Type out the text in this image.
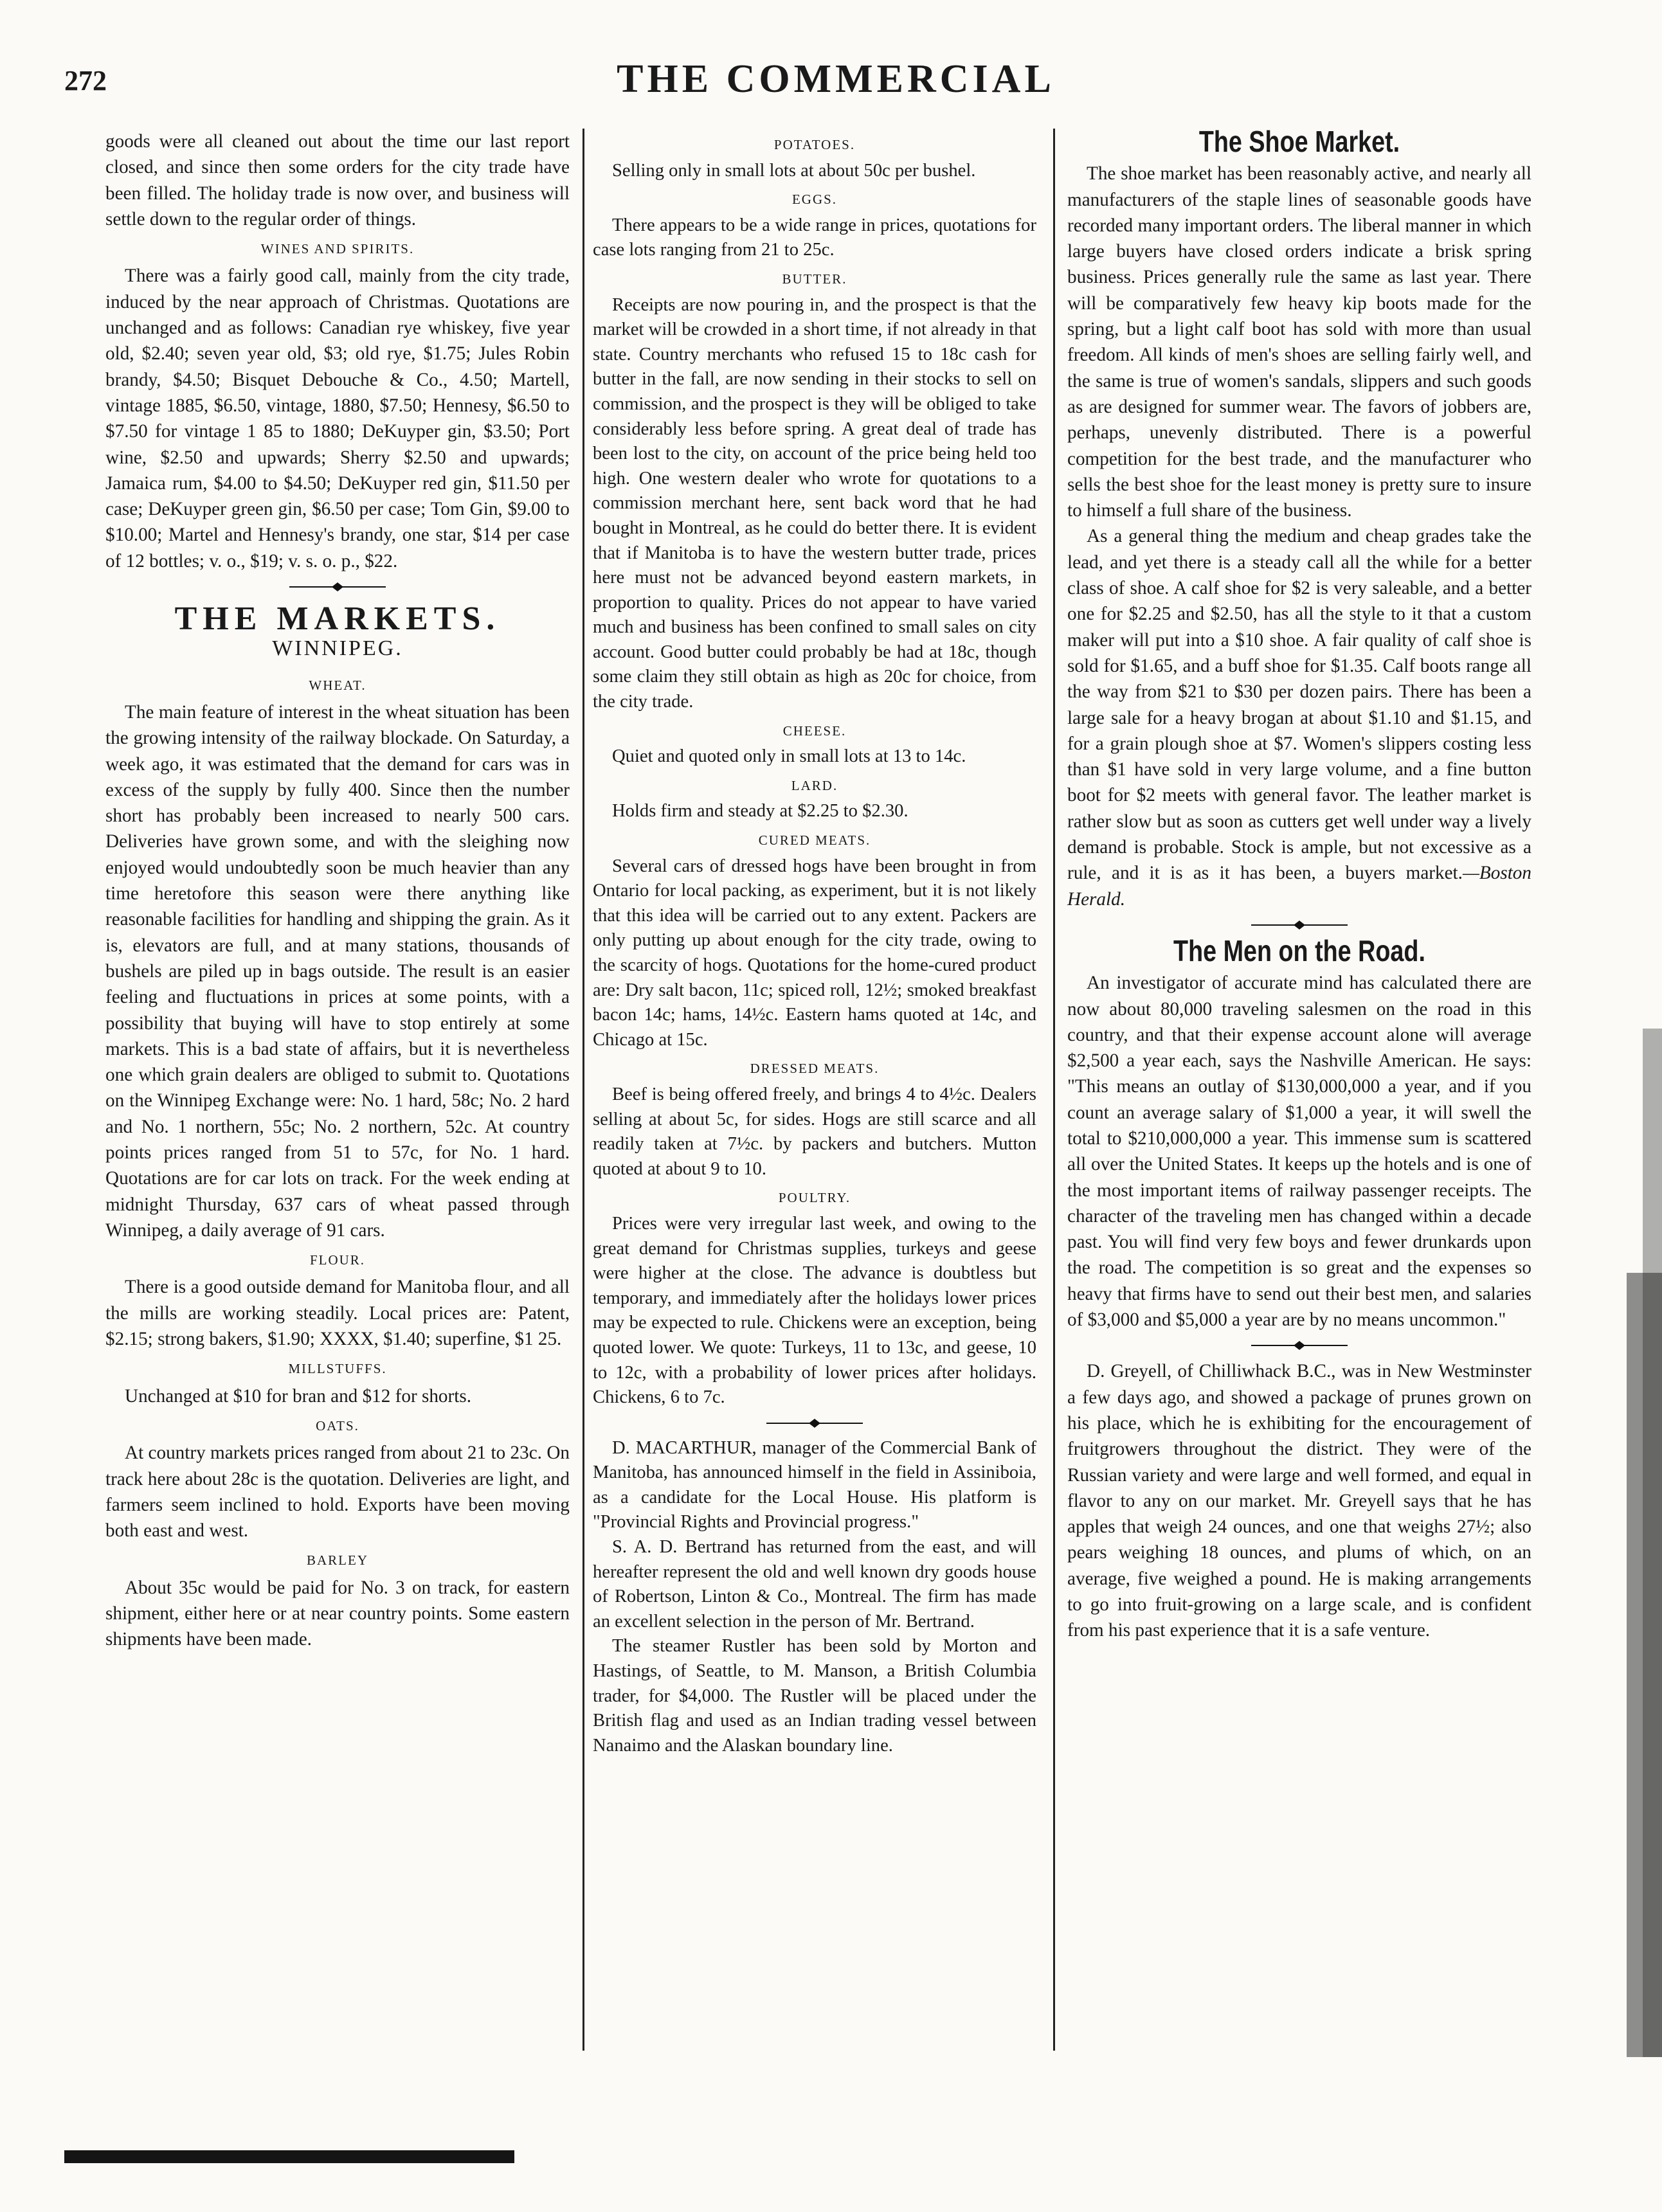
272	THE COMMERCIAL

goods were all cleaned out about the time our last report closed, and since then some orders for the city trade have been filled. The holiday trade is now over, and business will settle down to the regular order of things.

WINES AND SPIRITS.

There was a fairly good call, mainly from the city trade, induced by the near approach of Christmas. Quotations are unchanged and as follows: Canadian rye whiskey, five year old, $2.40; seven year old, $3; old rye, $1.75; Jules Robin brandy, $4.50; Bisquet Debouche & Co., 4.50; Martell, vintage 1885, $6.50, vintage, 1880, $7.50; Hennesy, $6.50 to $7.50 for vintage 1 85 to 1880; DeKuyper gin, $3.50; Port wine, $2.50 and upwards; Sherry $2.50 and upwards; Jamaica rum, $4.00 to $4.50; DeKuyper red gin, $11.50 per case; DeKuyper green gin, $6.50 per case; Tom Gin, $9.00 to $10.00; Martel and Hennesy's brandy, one star, $14 per case of 12 bottles; v. o., $19; v. s. o. p., $22.

THE MARKETS.
WINNIPEG.
WHEAT.

The main feature of interest in the wheat situation has been the growing intensity of the railway blockade. On Saturday, a week ago, it was estimated that the demand for cars was in excess of the supply by fully 400. Since then the number short has probably been increased to nearly 500 cars. Deliveries have grown some, and with the sleighing now enjoyed would undoubtedly soon be much heavier than any time heretofore this season were there anything like reasonable facilities for handling and shipping the grain. As it is, elevators are full, and at many stations, thousands of bushels are piled up in bags outside. The result is an easier feeling and fluctuations in prices at some points, with a possibility that buying will have to stop entirely at some markets. This is a bad state of affairs, but it is nevertheless one which grain dealers are obliged to submit to. Quotations on the Winnipeg Exchange were: No. 1 hard, 58c; No. 2 hard and No. 1 northern, 55c; No. 2 northern, 52c. At country points prices ranged from 51 to 57c, for No. 1 hard. Quotations are for car lots on track. For the week ending at midnight Thursday, 637 cars of wheat passed through Winnipeg, a daily average of 91 cars.

FLOUR.

There is a good outside demand for Manitoba flour, and all the mills are working steadily. Local prices are: Patent, $2.15; strong bakers, $1.90; XXXX, $1.40; superfine, $1 25.

MILLSTUFFS.

Unchanged at $10 for bran and $12 for shorts.

OATS.

At country markets prices ranged from about 21 to 23c. On track here about 28c is the quotation. Deliveries are light, and farmers seem inclined to hold. Exports have been moving both east and west.

BARLEY

About 35c would be paid for No. 3 on track, for eastern shipment, either here or at near country points. Some eastern shipments have been made.

POTATOES.

Selling only in small lots at about 50c per bushel.

EGGS.

There appears to be a wide range in prices, quotations for case lots ranging from 21 to 25c.

BUTTER.

Receipts are now pouring in, and the prospect is that the market will be crowded in a short time, if not already in that state. Country merchants who refused 15 to 18c cash for butter in the fall, are now sending in their stocks to sell on commission, and the prospect is they will be obliged to take considerably less before spring. A great deal of trade has been lost to the city, on account of the price being held too high. One western dealer who wrote for quotations to a commission merchant here, sent back word that he had bought in Montreal, as he could do better there. It is evident that if Manitoba is to have the western butter trade, prices here must not be advanced beyond eastern markets, in proportion to quality. Prices do not appear to have varied much and business has been confined to small sales on city account. Good butter could probably be had at 18c, though some claim they still obtain as high as 20c for choice, from the city trade.

CHEESE.

Quiet and quoted only in small lots at 13 to 14c.

LARD.

Holds firm and steady at $2.25 to $2.30.

CURED MEATS.

Several cars of dressed hogs have been brought in from Ontario for local packing, as experiment, but it is not likely that this idea will be carried out to any extent. Packers are only putting up about enough for the city trade, owing to the scarcity of hogs. Quotations for the home-cured product are: Dry salt bacon, 11c; spiced roll, 12½; smoked breakfast bacon 14c; hams, 14½c. Eastern hams quoted at 14c, and Chicago at 15c.

DRESSED MEATS.

Beef is being offered freely, and brings 4 to 4½c. Dealers selling at about 5c, for sides. Hogs are still scarce and all readily taken at 7½c. by packers and butchers. Mutton quoted at about 9 to 10.

POULTRY.

Prices were very irregular last week, and owing to the great demand for Christmas supplies, turkeys and geese were higher at the close. The advance is doubtless but temporary, and immediately after the holidays lower prices may be expected to rule. Chickens were an exception, being quoted lower. We quote: Turkeys, 11 to 13c, and geese, 10 to 12c, with a probability of lower prices after holidays. Chickens, 6 to 7c.

D. MACARTHUR, manager of the Commercial Bank of Manitoba, has announced himself in the field in Assiniboia, as a candidate for the Local House. His platform is "Provincial Rights and Provincial progress."

S. A. D. Bertrand has returned from the east, and will hereafter represent the old and well known dry goods house of Robertson, Linton & Co., Montreal. The firm has made an excellent selection in the person of Mr. Bertrand.

The steamer Rustler has been sold by Morton and Hastings, of Seattle, to M. Manson, a British Columbia trader, for $4,000. The Rustler will be placed under the British flag and used as an Indian trading vessel between Nanaimo and the Alaskan boundary line.

The Shoe Market.

The shoe market has been reasonably active, and nearly all manufacturers of the staple lines of seasonable goods have recorded many important orders. The liberal manner in which large buyers have closed orders indicate a brisk spring business. Prices generally rule the same as last year. There will be comparatively few heavy kip boots made for the spring, but a light calf boot has sold with more than usual freedom. All kinds of men's shoes are selling fairly well, and the same is true of women's sandals, slippers and such goods as are designed for summer wear. The favors of jobbers are, perhaps, unevenly distributed. There is a powerful competition for the best trade, and the manufacturer who sells the best shoe for the least money is pretty sure to insure to himself a full share of the business.

As a general thing the medium and cheap grades take the lead, and yet there is a steady call all the while for a better class of shoe. A calf shoe for $2 is very saleable, and a better one for $2.25 and $2.50, has all the style to it that a custom maker will put into a $10 shoe. A fair quality of calf shoe is sold for $1.65, and a buff shoe for $1.35. Calf boots range all the way from $21 to $30 per dozen pairs. There has been a large sale for a heavy brogan at about $1.10 and $1.15, and for a grain plough shoe at $7. Women's slippers costing less than $1 have sold in very large volume, and a fine button boot for $2 meets with general favor. The leather market is rather slow but as soon as cutters get well under way a lively demand is probable. Stock is ample, but not excessive as a rule, and it is as it has been, a buyers market.—Boston Herald.

The Men on the Road.

An investigator of accurate mind has calculated there are now about 80,000 traveling salesmen on the road in this country, and that their expense account alone will average $2,500 a year each, says the Nashville American. He says: "This means an outlay of $130,000,000 a year, and if you count an average salary of $1,000 a year, it will swell the total to $210,000,000 a year. This immense sum is scattered all over the United States. It keeps up the hotels and is one of the most important items of railway passenger receipts. The character of the traveling men has changed within a decade past. You will find very few boys and fewer drunkards upon the road. The competition is so great and the expenses so heavy that firms have to send out their best men, and salaries of $3,000 and $5,000 a year are by no means uncommon."

D. Greyell, of Chilliwhack B.C., was in New Westminster a few days ago, and showed a package of prunes grown on his place, which he is exhibiting for the encouragement of fruitgrowers throughout the district. They were of the Russian variety and were large and well formed, and equal in flavor to any on our market. Mr. Greyell says that he has apples that weigh 24 ounces, and one that weighs 27½; also pears weighing 18 ounces, and plums of which, on an average, five weighed a pound. He is making arrangements to go into fruit-growing on a large scale, and is confident from his past experience that it is a safe venture.
